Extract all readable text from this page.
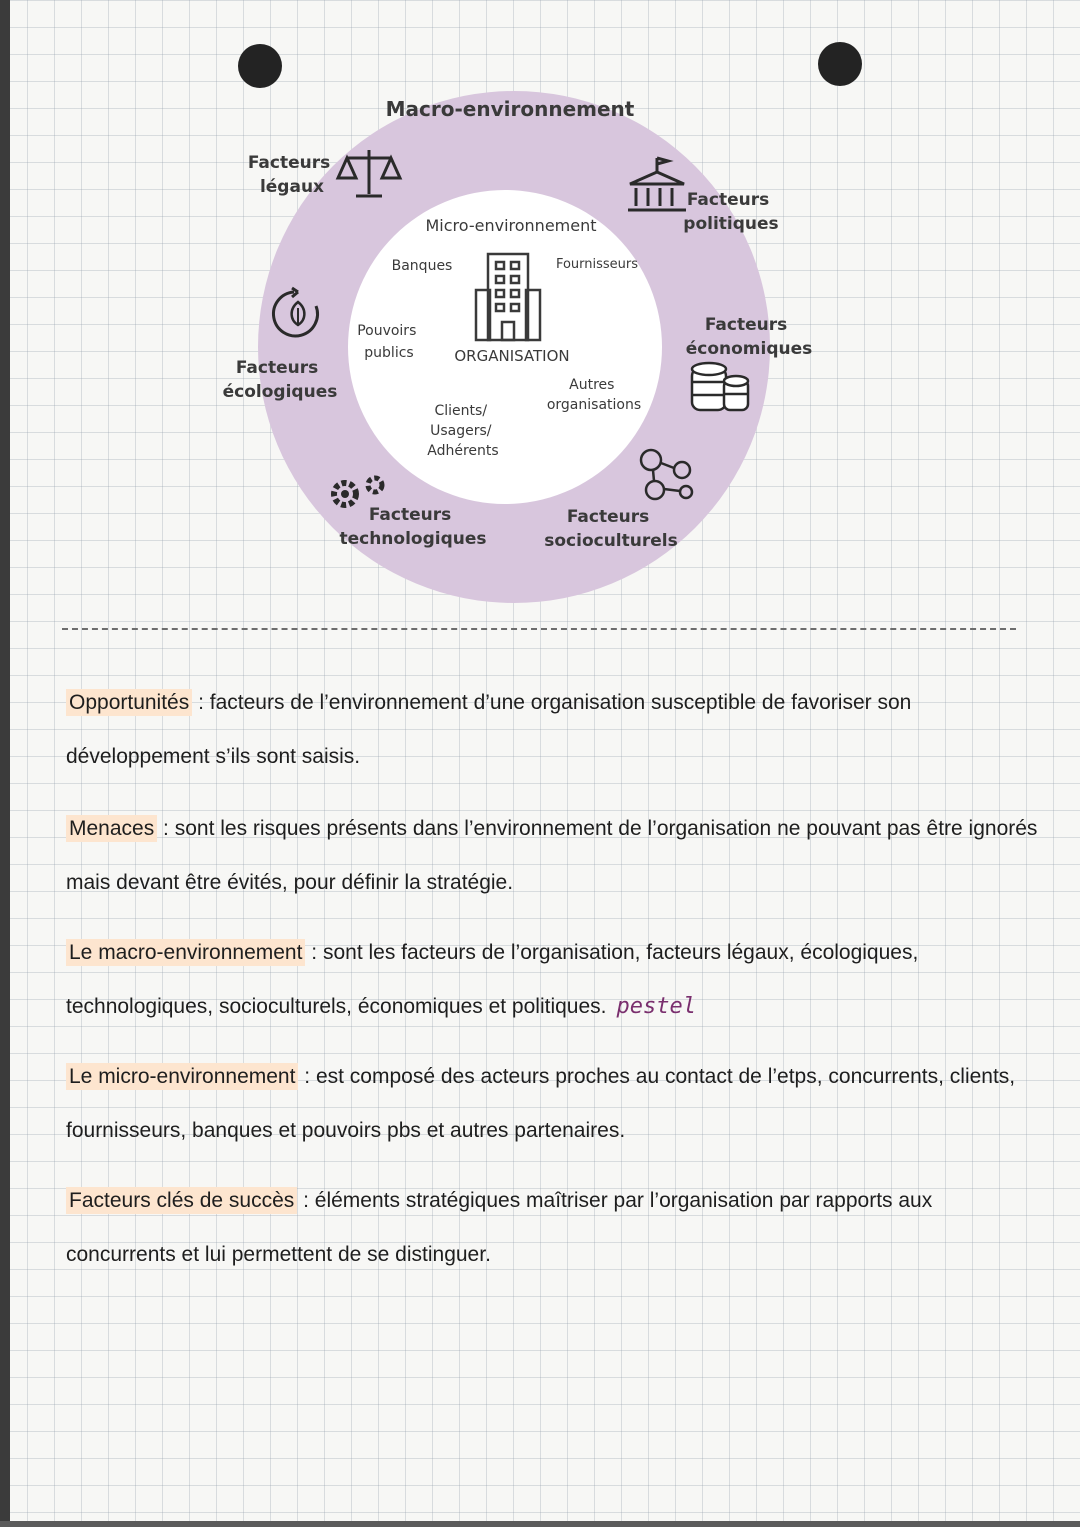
Macro-environnement
Facteurs légaux
Facteurs politiques
Facteurs économiques
Facteurs socioculturels
Facteurs technologiques
Facteurs écologiques
Micro-environnement
Banques	Fournisseurs
Pouvoirs publics	ORGANISATION
Autres organisations
Clients/ Usagers/ Adhérents

Opportunités : facteurs de l’environnement d’une organisation susceptible de favoriser son développement s’ils sont saisis.

Menaces : sont les risques présents dans l’environnement de l’organisation ne pouvant pas être ignorés mais devant être évités, pour définir la stratégie.

Le macro-environnement : sont les facteurs de l’organisation, facteurs légaux, écologiques, technologiques, socioculturels, économiques et politiques. pestel

Le micro-environnement : est composé des acteurs proches au contact de l’etps, concurrents, clients, fournisseurs, banques et pouvoirs pbs et autres partenaires.

Facteurs clés de succès : éléments stratégiques maîtriser par l’organisation par rapports aux concurrents et lui permettent de se distinguer.
